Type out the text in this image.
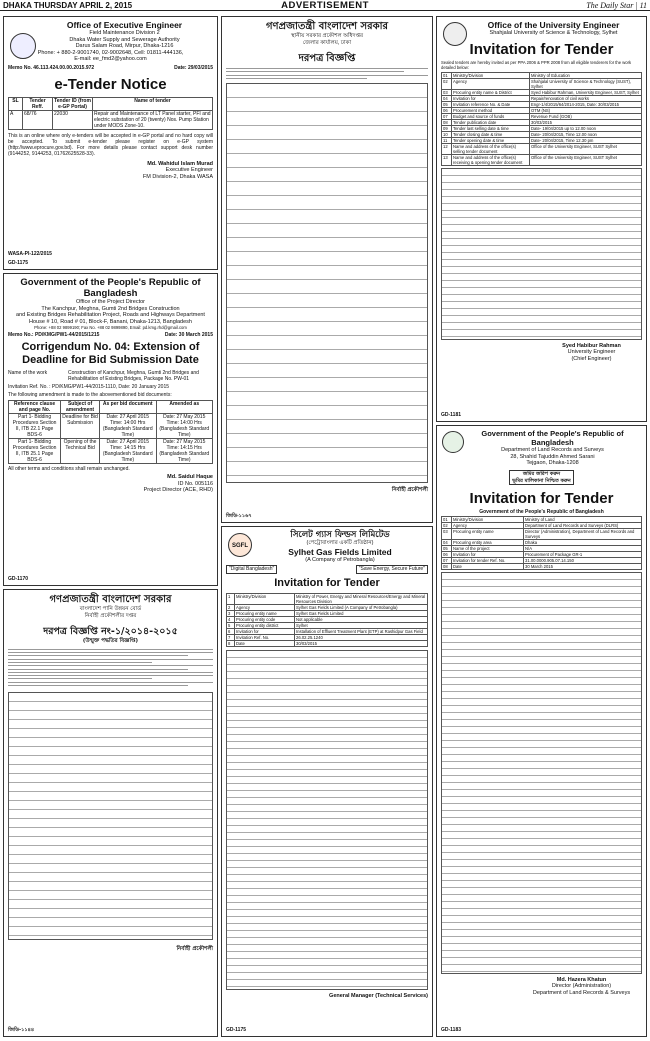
DHAKA THURSDAY APRIL 2, 2015	ADVERTISEMENT	The Daily Star | 11
Office of Executive Engineer
Field Maintenance Division 2
Dhaka Water Supply and Sewerage Authority
Darus Salam Road, Mirpur, Dhaka-1216
Phone: + 880-2-9001740, 02-9002648, Cell: 01811-444136,
E-mail: ee_fmd2@yahoo.com
Memo No. 46.113.424.00.00.2015.972	Date: 29/03/2015
e-Tender Notice
SL	Tender Reff.	Tender ID (from e-GP Portal)	Name of tender
A	68/76	22030	Repair and Maintenance of LT Panel starter, PFI and electric substation of 20 (twenty) Nos. Pump Station under MODS Zone-10.
This is an online where only e-tenders will be accepted in e-GP portal and no hard copy will be accepted. To submit e-tender please register on e-GP system (http://www.eprocure.gov.bd). For more details please contact support desk number (9144252, 9144253, 01762625528-33).
Md. Wahidul Islam Murad
Executive Engineer
FM Division-2, Dhaka WASA
WASA-PI-122/2015
GD-1175
Government of the People's Republic of Bangladesh
Office of the Project Director
The Kanchpur, Meghna, Gumti 2nd Bridges Construction
and Existing Bridges Rehabilitation Project, Roads and Highways Department
House # 10, Road # 01, Block-F, Banani, Dhaka-1213, Bangladesh
Phone: +88 02 9899190; Fax No. +88 02 9899890, Email: pd.kmg.rhd@gmail.com
Memo No.: PD/KMG/PW1-44/2015/1215	Date: 30 March 2015
Corrigendum No. 04: Extension of Deadline for Bid Submission Date
Name of the work	Construction of Kanchpur, Meghna, Gumti 2nd Bridges and Rehabilitation of Existing Bridges, Package No. PW-01
Invitation Ref. No. : PD/KMG/PW1-44/2015-1110, Date: 20 January 2015
The following amendment is made to the abovementioned bid documents:
Reference clause and page No.	Subject of amendment	As per bid document	Amended as
Part 1- Bidding Procedures Section II, ITB 22.1 Page BDS-6	Deadline for Bid Submission	Date: 27 April 2015 Time: 14:00 Hrs (Bangladesh Standard Time)	Date: 27 May 2015 Time: 14:00 Hrs (Bangladesh Standard Time)
Part 1- Bidding Procedures Section II, ITB 25.1 Page BDS-6	Opening of the Technical Bid	Date: 27 April 2015 Time: 14:15 Hrs (Bangladesh Standard Time)	Date: 27 May 2015 Time: 14:15 Hrs (Bangladesh Standard Time)
All other terms and conditions shall remain unchanged.
Md. Saidul Haque
ID No. 005116
Project Director (ACE, RHD)
GD-1170
গণপ্রজাতন্ত্রী বাংলাদেশ সরকার
বাংলাদেশ পানি উন্নয়ন বোর্ড
নির্বাহী প্রকৌশলীর দপ্তর
দরপত্র বিজ্ঞপ্তি নং-১/২০১৪-২০১৫
(উন্মুক্ত পদ্ধতির বিজ্ঞপ্তি)
নির্বাহী প্রকৌশলী
জিডি-১১৪৪
গণপ্রজাতন্ত্রী বাংলাদেশ সরকার
স্থানীয় সরকার প্রকৌশল অধিদপ্তর
জেলার কার্যালয়, ঢাকা
দরপত্র বিজ্ঞপ্তি
নির্বাহী প্রকৌশলী
জিডি-১১৬৭
SGFL
সিলেট গ্যাস ফিল্ডস লিমিটেড
(পেট্রোবাংলার একটি প্রতিষ্ঠান)
Sylhet Gas Fields Limited
(A Company of Petrobangla)
"Digital Bangladesh"	"Save Energy, Secure Future"
Invitation for Tender
1	Ministry/Division	Ministry of Power, Energy and Mineral Resources/Energy and Mineral Resources Division
2	Agency	Sylhet Gas Fields Limited (A Company of Petrobangla)
3	Procuring entity name	Sylhet Gas Fields Limited
4	Procuring entity code	Not applicable
5	Procuring entity district	Sylhet
6	Invitation for	Installation of Effluent Treatment Plant (ETP) at Rashidpur Gas Field
7	Invitation Ref. No.	26.02.25.1240
8	Date	30/03/2015
General Manager (Technical Services)
GD-1175
Office of the University Engineer
Shahjalal University of Science & Technology, Sylhet
Invitation for Tender
Sealed tenders are hereby invited as per PPA 2006 & PPR 2008 from all eligible tenderers for the work detailed below:
01	Ministry/Division	Ministry of Education
02	Agency	Shahjalal University of Science & Technology (SUST), Sylhet
03	Procuring entity name & District	Syed Habibur Rahman, University Engineer, SUST, Sylhet
04	Invitation for	Repair/renovation of civil works
05	Invitation reference No. & Date	Engr-1/4/2015/64/2014-2015, Date: 30/03/2015
06	Procurement method	OTM (NS)
07	Budget and source of funds	Revenue Fund (GOB)
08	Tender publication date	30/03/2015
09	Tender last selling date & time	Date- 19/04/2015 up to 12.00 noon
10	Tender closing date & time	Date- 20/04/2015, Time 12.00 noon
11	Tender opening date & time	Date- 20/04/2015, Time 12.30 pm
12	Name and address of the office(s) selling tender document	Office of the University Engineer, SUST Sylhet
13	Name and address of the office(s) receiving & opening tender document	Office of the University Engineer, SUST Sylhet
Syed Habibur Rahman
University Engineer
(Chief Engineer)
GD-1181
Government of the People's Republic of Bangladesh
Department of Land Records and Surveys
28, Shahid Tajuddin Ahmed Sarani
Tejgaon, Dhaka-1208
জমির জরিপ করুন
ভূমির মালিকানা নিশ্চিত করুন
Invitation for Tender
Government of the People's Republic of Bangladesh
01	Ministry/Division	Ministry of Land
02	Agency	Department of Land Records and Surveys (DLRS)
03	Procuring entity name	Director (Administration), Department of Land Records and Surveys
04	Procuring entity area	Dhaka
05	Name of the project	N/A
06	Invitation for	Procurement of Package GR-1
07	Invitation for tender Ref. No.	31.00.0000.905.07.14.150
08	Date	30 March 2015
Md. Hazera Khatun
Director (Administration)
Department of Land Records & Surveys
GD-1183
